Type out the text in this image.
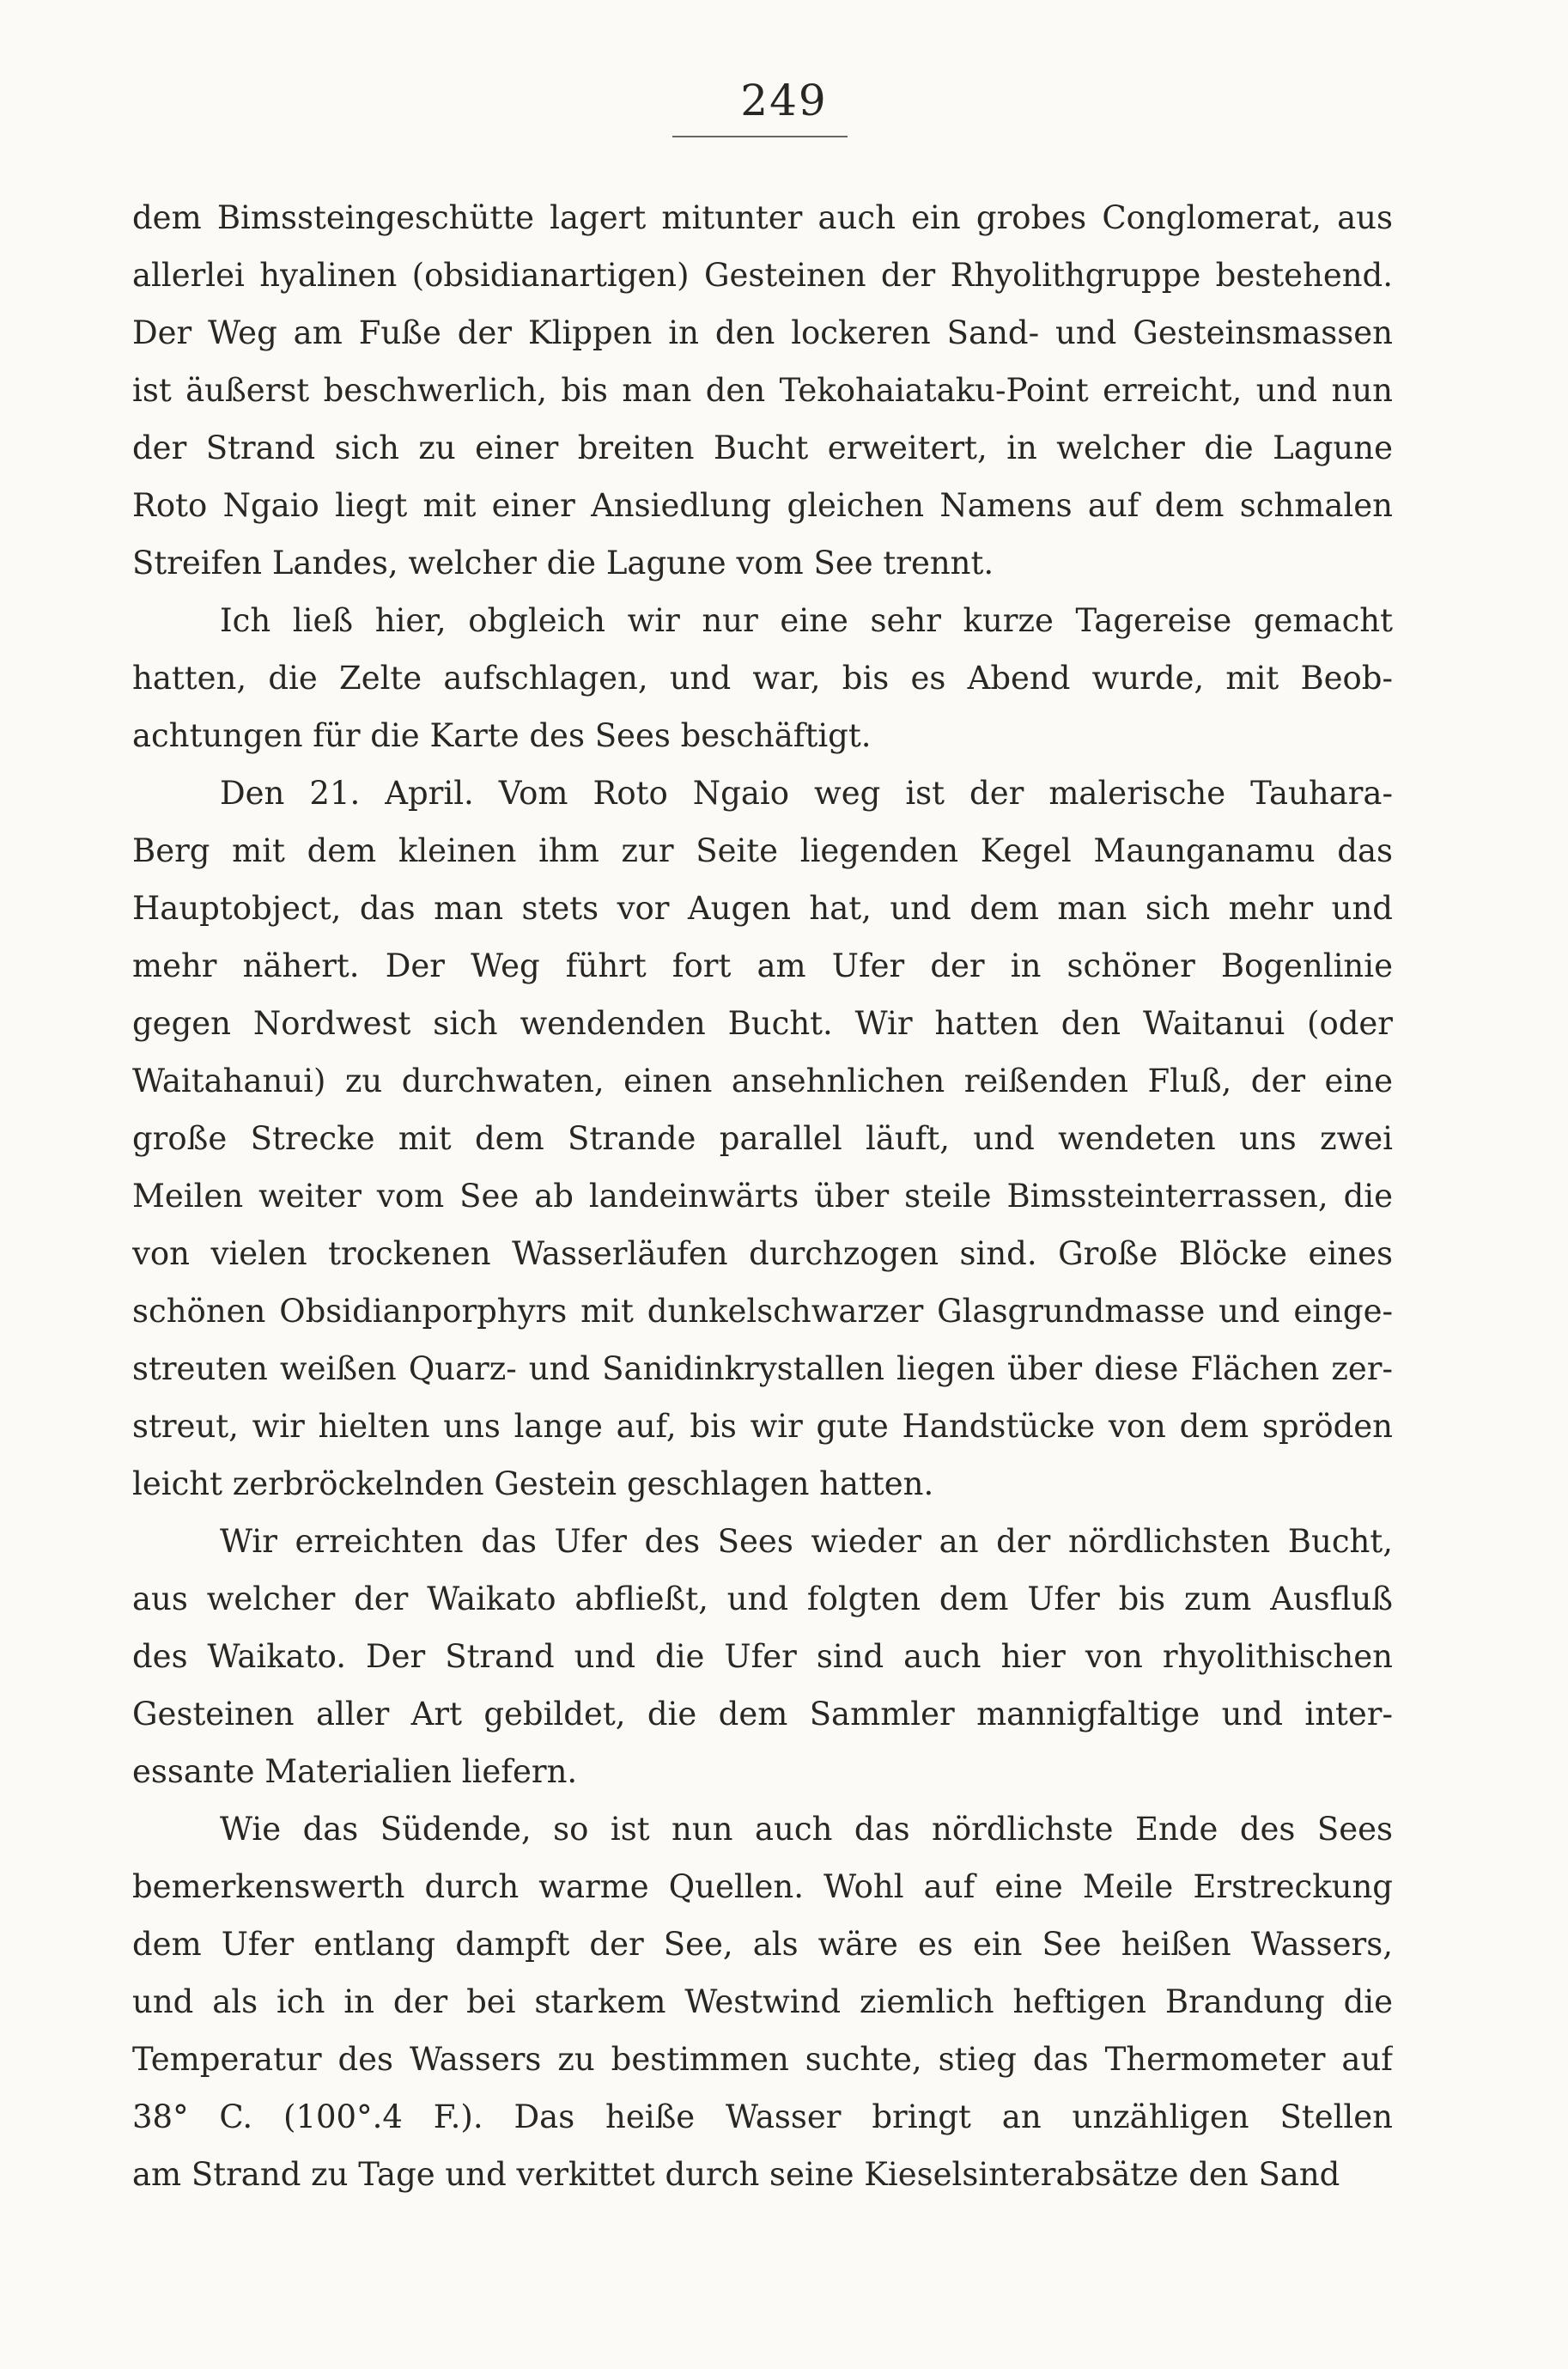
249
dem Bimssteingeschütte lagert mitunter auch ein grobes Conglomerat, aus
allerlei hyalinen (obsidianartigen) Gesteinen der Rhyolithgruppe bestehend.
Der Weg am Fuße der Klippen in den lockeren Sand- und Gesteinsmassen
ist äußerst beschwerlich, bis man den Tekohaiataku-Point erreicht, und nun
der Strand sich zu einer breiten Bucht erweitert, in welcher die Lagune
Roto Ngaio liegt mit einer Ansiedlung gleichen Namens auf dem schmalen
Streifen Landes, welcher die Lagune vom See trennt.
Ich ließ hier, obgleich wir nur eine sehr kurze Tagereise gemacht
hatten, die Zelte aufschlagen, und war, bis es Abend wurde, mit Beob-
achtungen für die Karte des Sees beschäftigt.
Den 21. April. Vom Roto Ngaio weg ist der malerische Tauhara-
Berg mit dem kleinen ihm zur Seite liegenden Kegel Maunganamu das
Hauptobject, das man stets vor Augen hat, und dem man sich mehr und
mehr nähert. Der Weg führt fort am Ufer der in schöner Bogenlinie
gegen Nordwest sich wendenden Bucht. Wir hatten den Waitanui (oder
Waitahanui) zu durchwaten, einen ansehnlichen reißenden Fluß, der eine
große Strecke mit dem Strande parallel läuft, und wendeten uns zwei
Meilen weiter vom See ab landeinwärts über steile Bimssteinterrassen, die
von vielen trockenen Wasserläufen durchzogen sind. Große Blöcke eines
schönen Obsidianporphyrs mit dunkelschwarzer Glasgrundmasse und einge-
streuten weißen Quarz- und Sanidinkrystallen liegen über diese Flächen zer-
streut, wir hielten uns lange auf, bis wir gute Handstücke von dem spröden
leicht zerbröckelnden Gestein geschlagen hatten.
Wir erreichten das Ufer des Sees wieder an der nördlichsten Bucht,
aus welcher der Waikato abfließt, und folgten dem Ufer bis zum Ausfluß
des Waikato. Der Strand und die Ufer sind auch hier von rhyolithischen
Gesteinen aller Art gebildet, die dem Sammler mannigfaltige und inter-
essante Materialien liefern.
Wie das Südende, so ist nun auch das nördlichste Ende des Sees
bemerkenswerth durch warme Quellen. Wohl auf eine Meile Erstreckung
dem Ufer entlang dampft der See, als wäre es ein See heißen Wassers,
und als ich in der bei starkem Westwind ziemlich heftigen Brandung die
Temperatur des Wassers zu bestimmen suchte, stieg das Thermometer auf
38° C. (100°.4 F.). Das heiße Wasser bringt an unzähligen Stellen
am Strand zu Tage und verkittet durch seine Kieselsinterabsätze den Sand
